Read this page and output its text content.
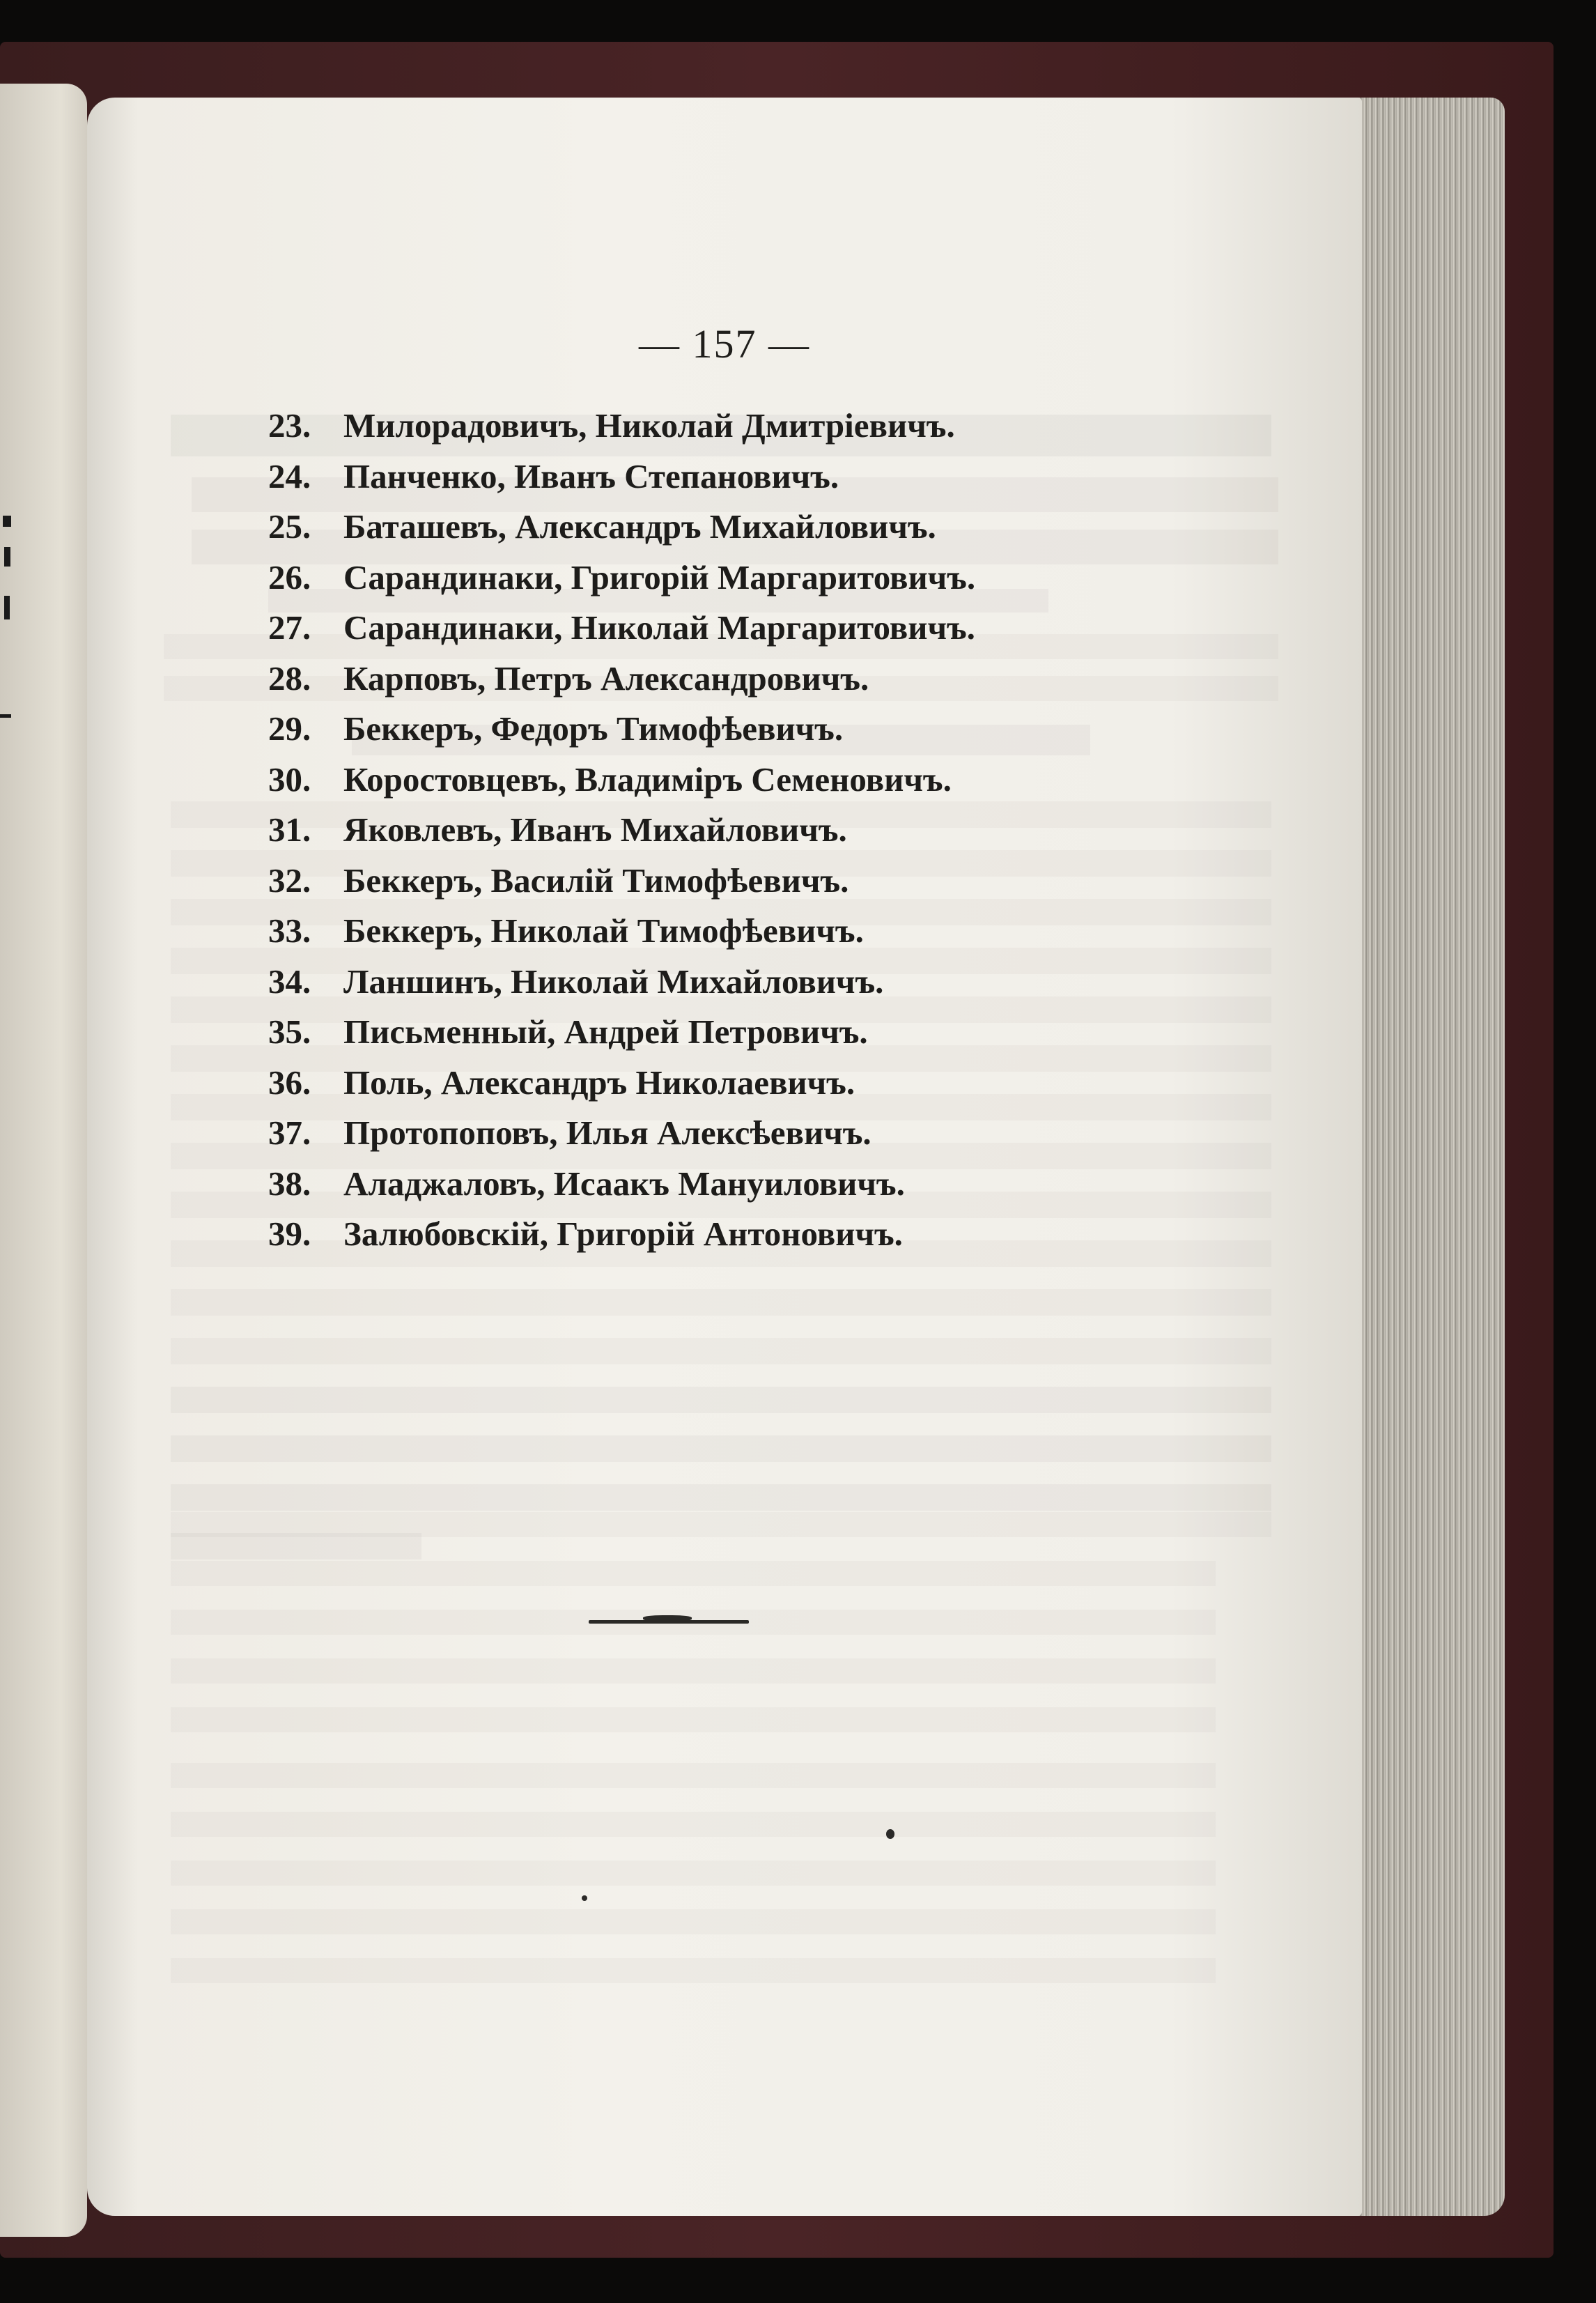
— 157 —
23. Милорадовичъ, Николай Дмитріевичъ.
24. Панченко, Иванъ Степановичъ.
25. Баташевъ, Александръ Михайловичъ.
26. Сарандинаки, Григорій Маргаритовичъ.
27. Сарандинаки, Николай Маргаритовичъ.
28. Карповъ, Петръ Александровичъ.
29. Беккеръ, Федоръ Тимофѣевичъ.
30. Коростовцевъ, Владиміръ Семеновичъ.
31. Яковлевъ, Иванъ Михайловичъ.
32. Беккеръ, Василій Тимофѣевичъ.
33. Беккеръ, Николай Тимофѣевичъ.
34. Ланшинъ, Николай Михайловичъ.
35. Письменный, Андрей Петровичъ.
36. Поль, Александръ Николаевичъ.
37. Протопоповъ, Илья Алексѣевичъ.
38. Аладжаловъ, Исаакъ Мануиловичъ.
39. Залюбовскій, Григорій Антоновичъ.
